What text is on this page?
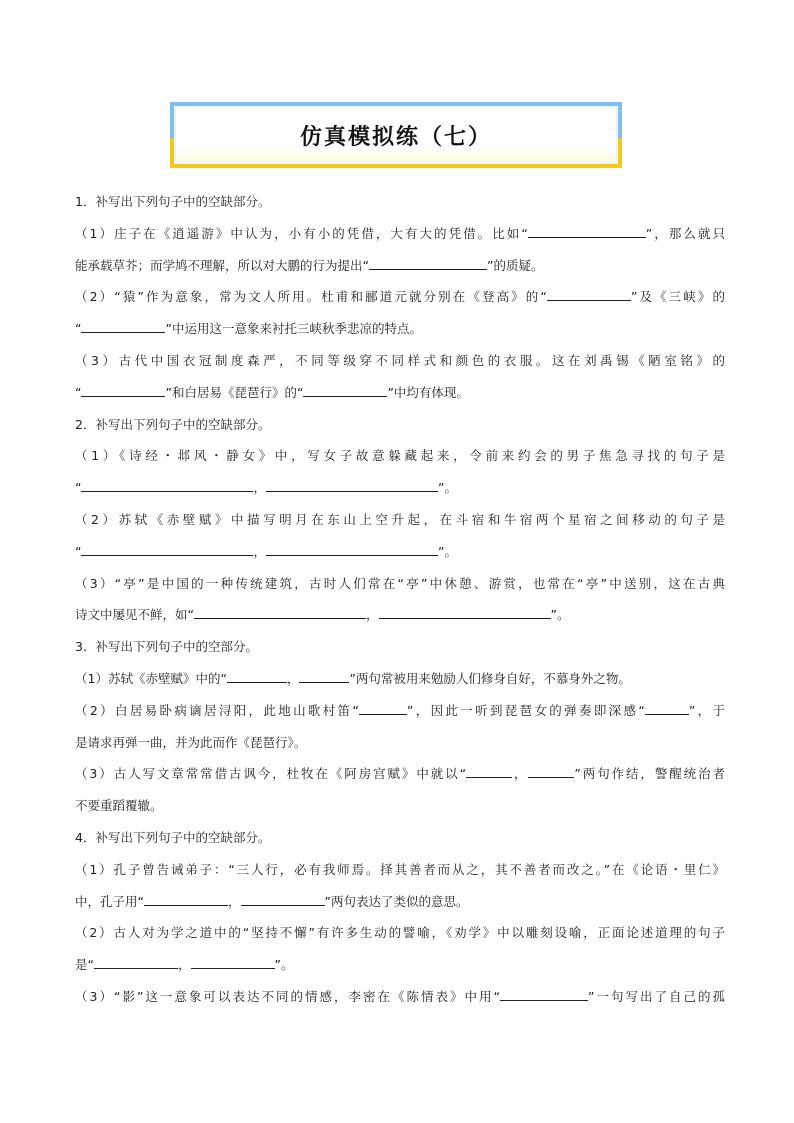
仿真模拟练（七）
1．补写出下列句子中的空缺部分。
（1）庄子在《逍遥游》中认为，小有小的凭借，大有大的凭借。比如“	”，那么就只
能承载草芥；而学鸠不理解，所以对大鹏的行为提出“	”的质疑。
（2）“猿”作为意象，常为文人所用。杜甫和郦道元就分别在《登高》的“	”及《三峡》的
“	”中运用这一意象来衬托三峡秋季悲凉的特点。
（3）古代中国衣冠制度森严，不同等级穿不同样式和颜色的衣服。这在刘禹锡《陋室铭》的
“	”和白居易《琵琶行》的“	”中均有体现。
2．补写出下列句子中的空缺部分。
（1）《诗经・邶风・静女》中，写女子故意躲藏起来，令前来约会的男子焦急寻找的句子是
“	，	”。
（2）苏轼《赤壁赋》中描写明月在东山上空升起，在斗宿和牛宿两个星宿之间移动的句子是
“	，	”。
（3）“亭”是中国的一种传统建筑，古时人们常在“亭”中休憩、游赏，也常在“亭”中送别，这在古典
诗文中屡见不鲜，如“	，	”。
3．补写出下列句子中的空部分。
（1）苏轼《赤壁赋》中的“	，	”两句常被用来勉励人们修身自好，不慕身外之物。
（2）白居易卧病谪居浔阳，此地山歌村笛“	”，因此一听到琵琶女的弹奏即深感“	”，于
是请求再弹一曲，并为此而作《琵琶行》。
（3）古人写文章常常借古讽今，杜牧在《阿房宫赋》中就以“	，	”两句作结，警醒统治者
不要重蹈覆辙。
4．补写出下列句子中的空缺部分。
（1）孔子曾告诫弟子：“三人行，必有我师焉。择其善者而从之，其不善者而改之。”在《论语・里仁》
中，孔子用“	，	”两句表达了类似的意思。
（2）古人对为学之道中的“坚持不懈”有许多生动的譬喻，《劝学》中以雕刻设喻，正面论述道理的句子
是“	，	”。
（3）“影”这一意象可以表达不同的情感，李密在《陈情表》中用“	”一句写出了自己的孤
